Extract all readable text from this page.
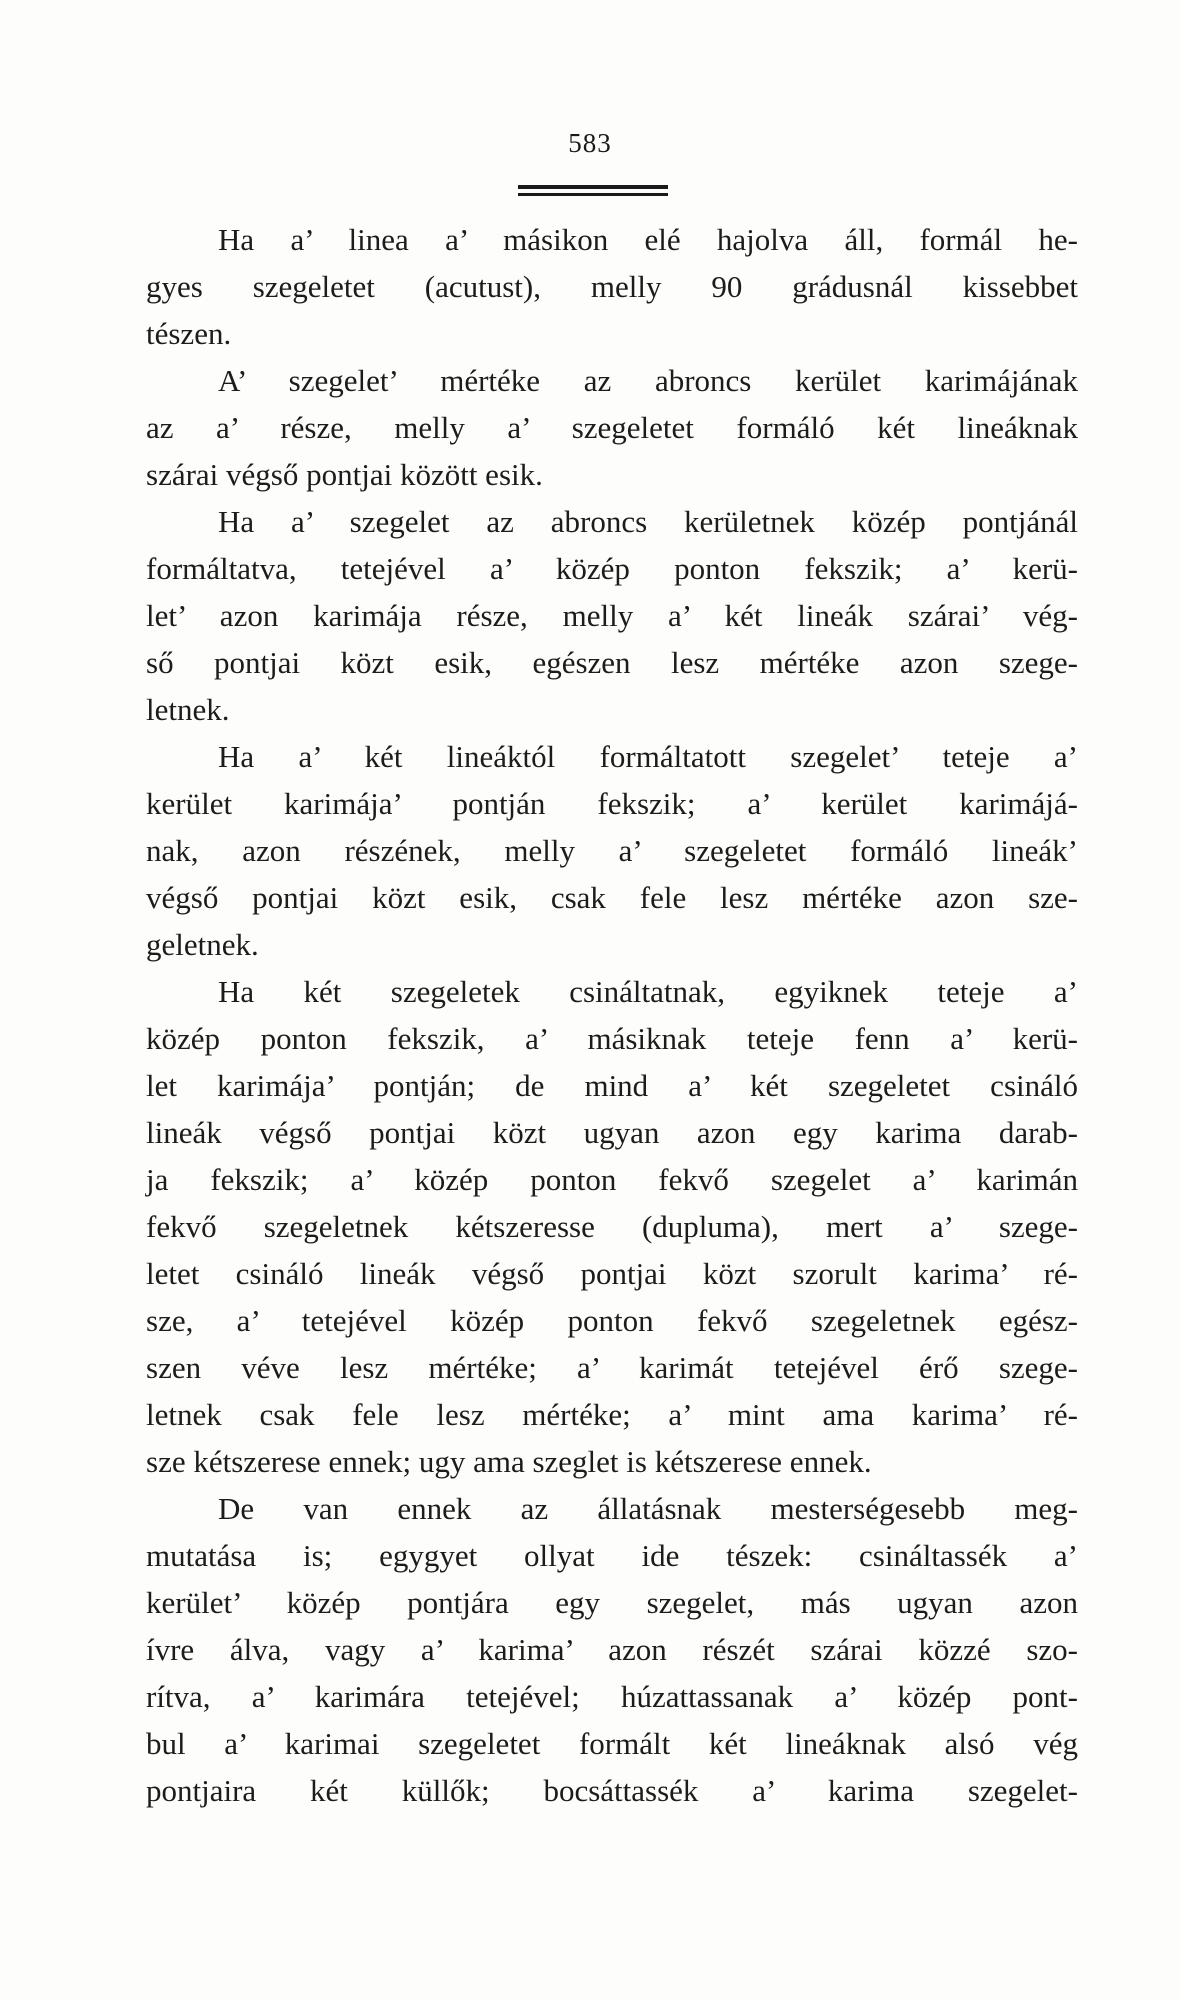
583
Ha a’ linea a’ másikon elé hajolva áll, formál he-
gyes szegeletet (acutust), melly 90 grádusnál kissebbet
tészen.
A’ szegelet’ mértéke az abroncs kerület karimájának
az a’ része, melly a’ szegeletet formáló két lineáknak
szárai végső pontjai között esik.
Ha a’ szegelet az abroncs kerületnek közép pontjánál
formáltatva, tetejével a’ közép ponton fekszik; a’ kerü-
let’ azon karimája része, melly a’ két lineák szárai’ vég-
ső pontjai közt esik, egészen lesz mértéke azon szege-
letnek.
Ha a’ két lineáktól formáltatott szegelet’ teteje a’
kerület karimája’ pontján fekszik; a’ kerület karimájá-
nak, azon részének, melly a’ szegeletet formáló lineák’
végső pontjai közt esik, csak fele lesz mértéke azon sze-
geletnek.
Ha két szegeletek csináltatnak, egyiknek teteje a’
közép ponton fekszik, a’ másiknak teteje fenn a’ kerü-
let karimája’ pontján; de mind a’ két szegeletet csináló
lineák végső pontjai közt ugyan azon egy karima darab-
ja fekszik; a’ közép ponton fekvő szegelet a’ karimán
fekvő szegeletnek kétszeresse (dupluma), mert a’ szege-
letet csináló lineák végső pontjai közt szorult karima’ ré-
sze, a’ tetejével közép ponton fekvő szegeletnek egész-
szen véve lesz mértéke; a’ karimát tetejével érő szege-
letnek csak fele lesz mértéke; a’ mint ama karima’ ré-
sze kétszerese ennek; ugy ama szeglet is kétszerese ennek.
De van ennek az állatásnak mesterségesebb meg-
mutatása is; egygyet ollyat ide tészek: csináltassék a’
kerület’ közép pontjára egy szegelet, más ugyan azon
ívre álva, vagy a’ karima’ azon részét szárai közzé szo-
rítva, a’ karimára tetejével; húzattassanak a’ közép pont-
bul a’ karimai szegeletet formált két lineáknak alsó vég
pontjaira két küllők; bocsáttassék a’ karima szegelet-
